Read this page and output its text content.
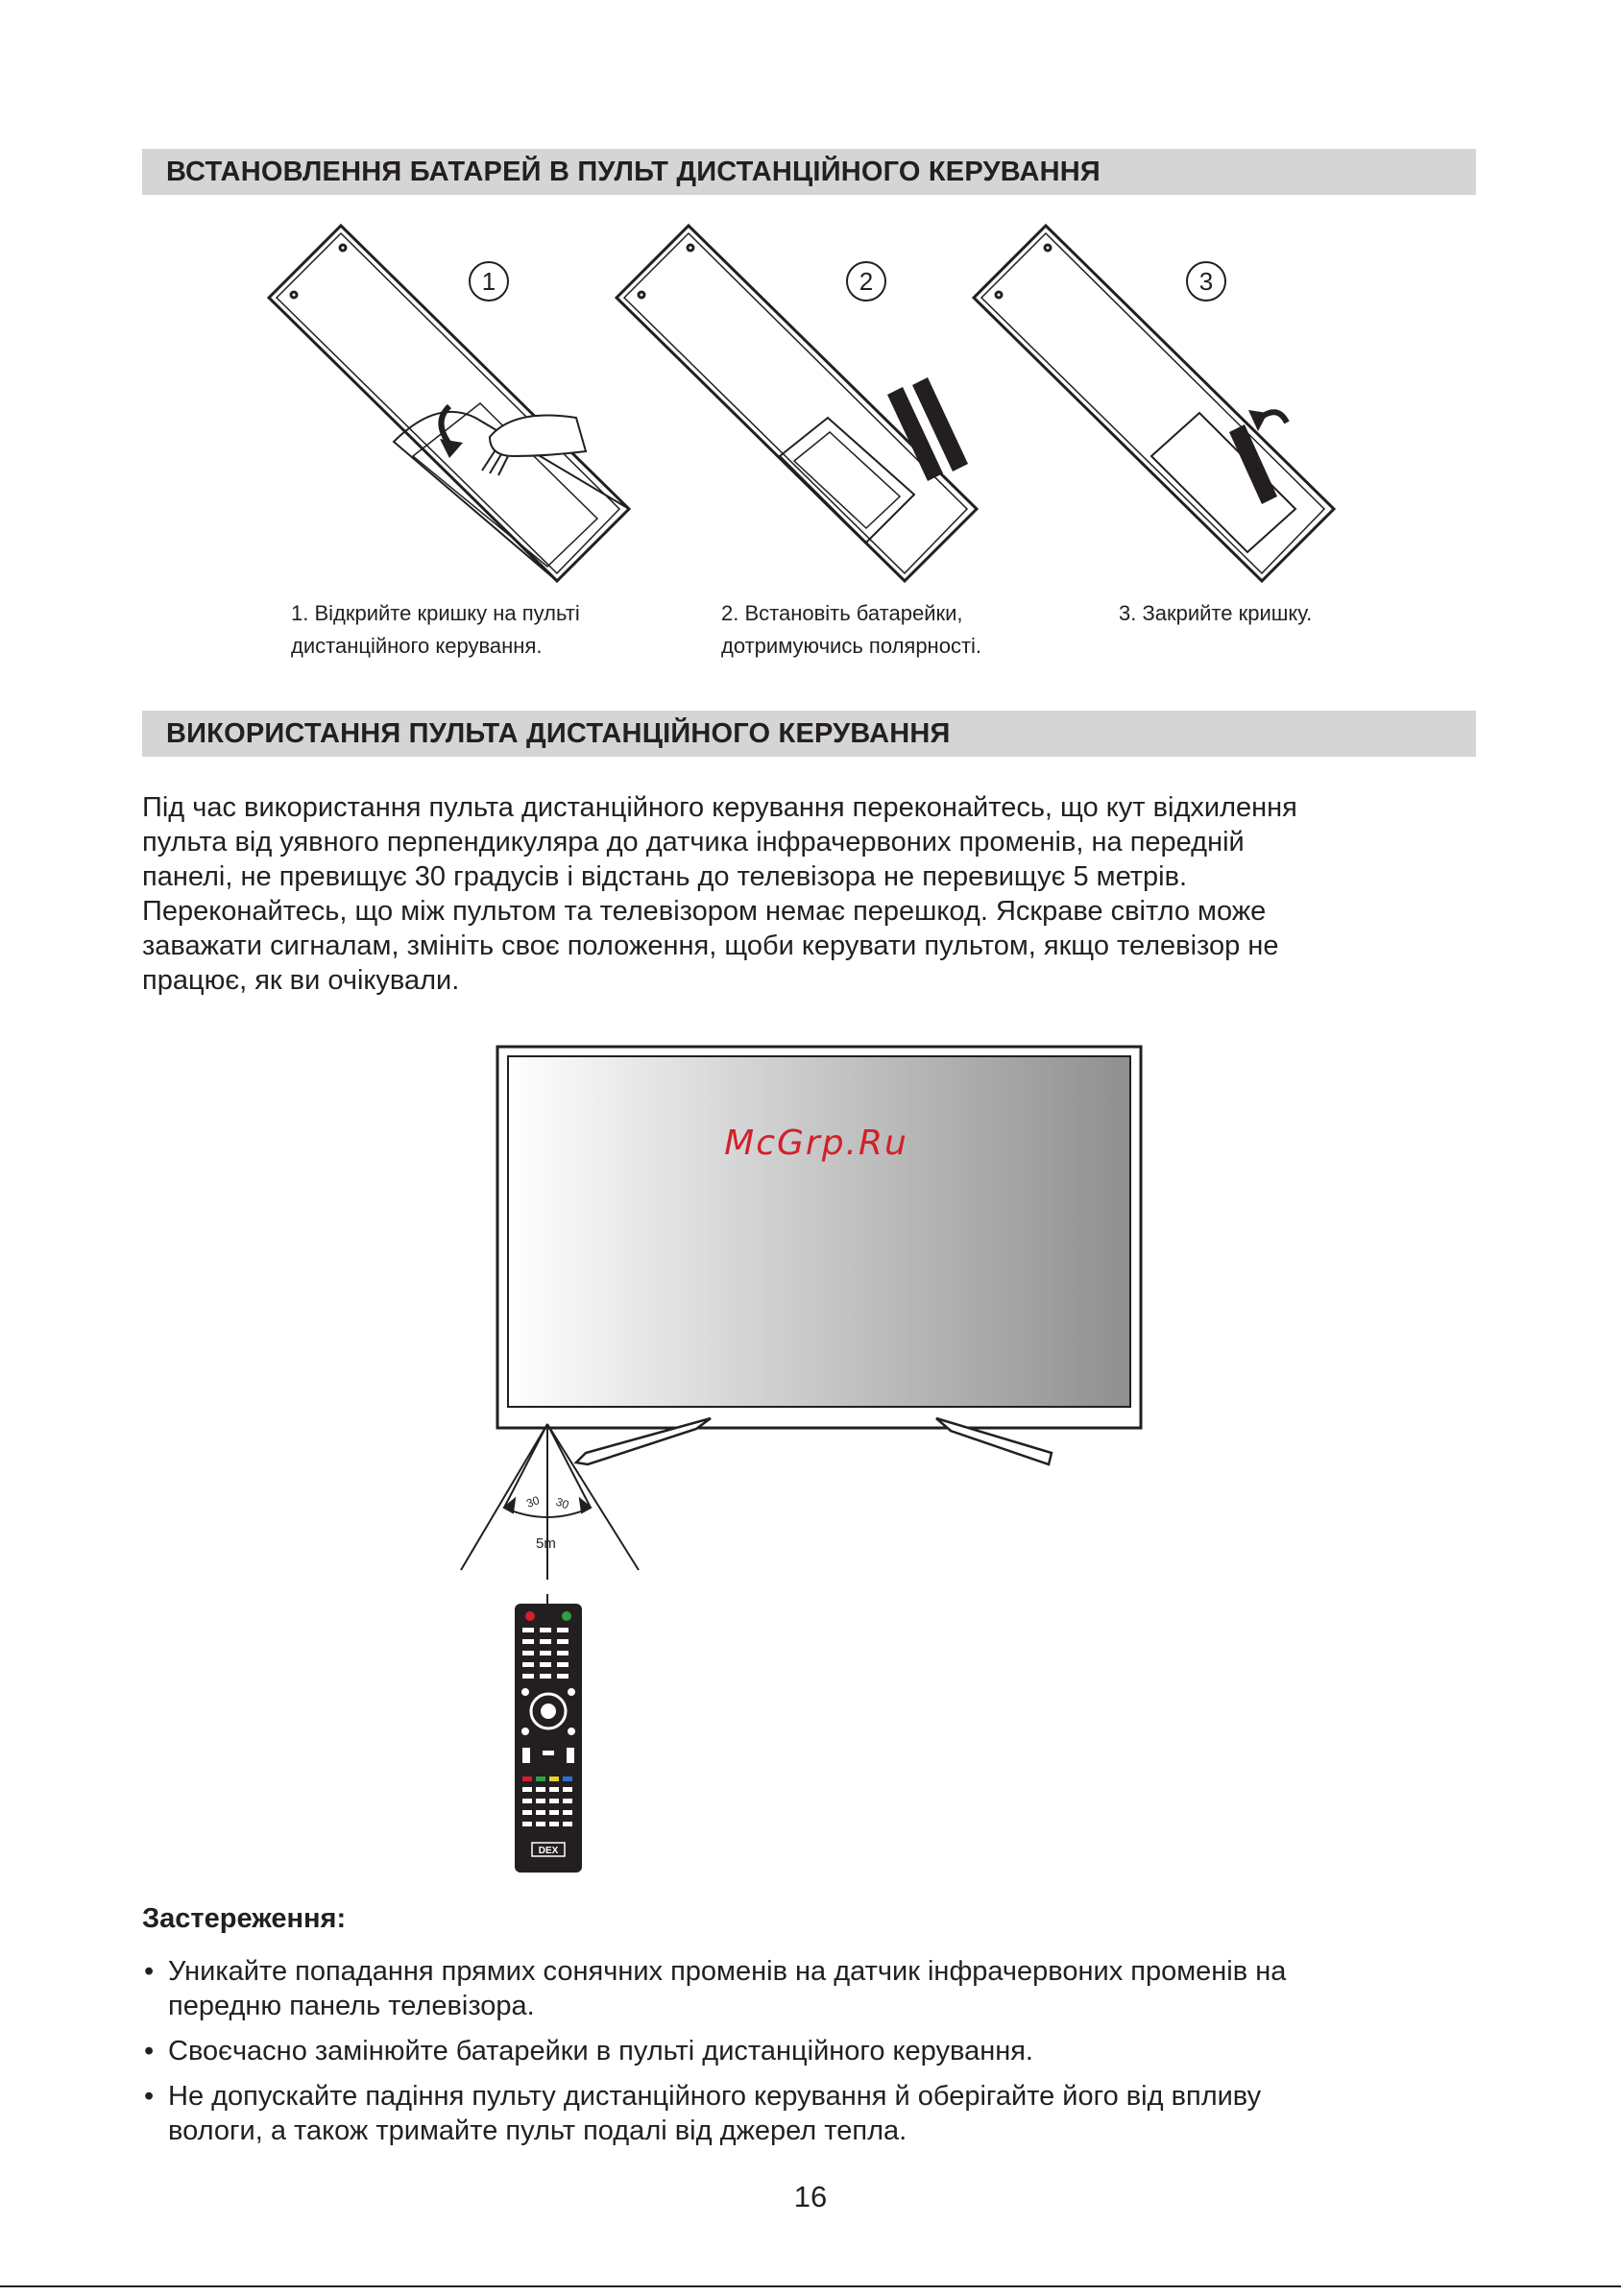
ВСТАНОВЛЕННЯ БАТАРЕЙ В ПУЛЬТ ДИСТАНЦІЙНОГО КЕРУВАННЯ
1	2	3
1. Відкрийте кришку на пульті
дистанційного керування.
2. Встановіть батарейки,
дотримуючись полярності.
3. Закрийте кришку.
ВИКОРИСТАННЯ ПУЛЬТА ДИСТАНЦІЙНОГО КЕРУВАННЯ
Під час використання пульта дистанційного керування переконайтесь, що кут відхилення
пульта від уявного перпендикуляра до датчика інфрачервоних променів, на передній
панелі, не превищує 30 градусів і відстань до телевізора не перевищує 5 метрів.
Переконайтесь, що між пультом та телевізором немає перешкод. Яскраве світло може
заважати сигналам, змініть своє положення, щоби керувати пультом, якщо телевізор не
працює, як ви очікували.
30 30
5m
DEX
McGrp.Ru
Застереження:

• Уникайте попадання прямих сонячних променів на датчик інфрачервоних променів на
передню панель телевізора.

• Своєчасно замінюйте батарейки в пульті дистанційного керування.

• Не допускайте падіння пульту дистанційного керування й оберігайте його від впливу
вологи, а також тримайте пульт подалі від джерел тепла.

16
